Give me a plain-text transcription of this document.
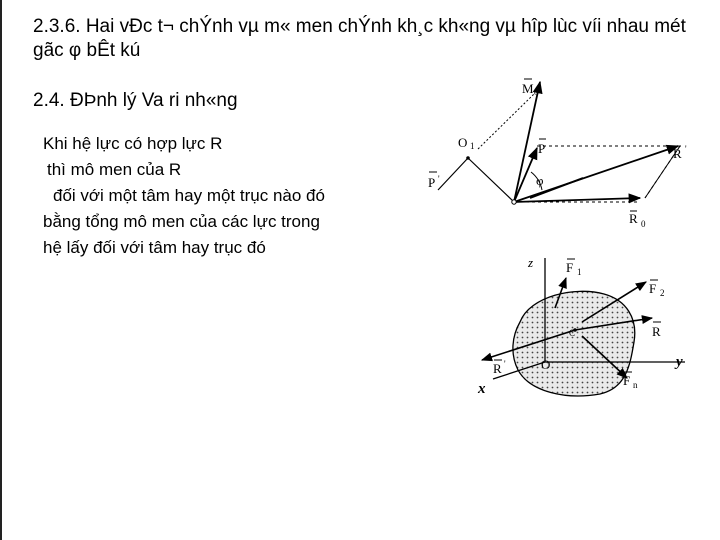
2.3.6. Hai vÐc t¬ chÝnh vµ m« men chÝnh kh¸c kh«ng vµ hîp lùc víi nhau mét gãc φ bÊt kú
2.4. ĐÞnh lý Va ri nh«ng
Khi hệ lực có hợp lực R
thì mô men của R
đối với một tâm hay một trục nào đó
bằng tổng mô men của các lực trong
hệ lấy đối với tâm hay trục đó
M o
O 1	P	R '
P '	φ
R 0
z
y
x
F 1
F 2
R
R '	O
C
F n
